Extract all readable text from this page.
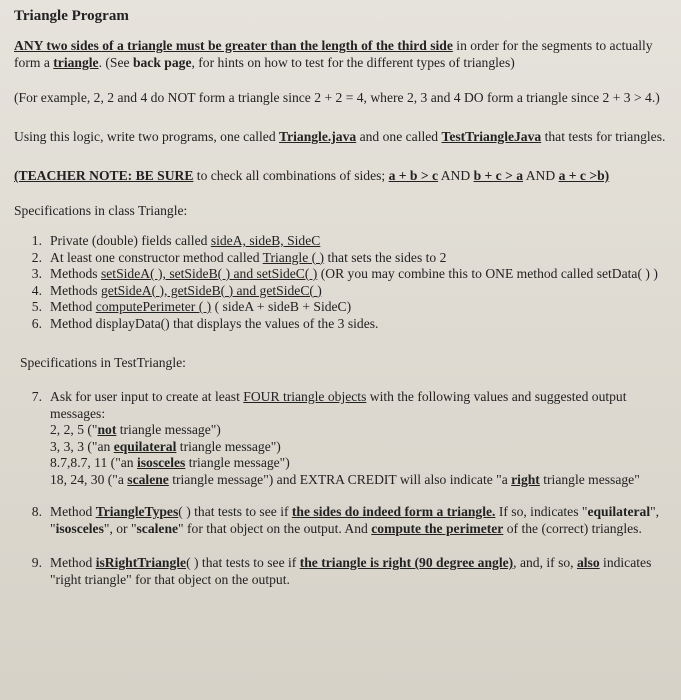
Triangle Program

ANY two sides of a triangle must be greater than the length of the third side in order for the segments to actually form a triangle. (See back page, for hints on how to test for the different types of triangles)

(For example, 2, 2 and 4 do NOT form a triangle since 2 + 2 = 4, where 2, 3 and 4 DO form a triangle since 2 + 3 > 4.)

Using this logic, write two programs, one called Triangle.java and one called TestTriangleJava that tests for triangles.

(TEACHER NOTE: BE SURE to check all combinations of sides; a + b > c AND b + c > a AND a + c >b)

Specifications in class Triangle:

1. Private (double) fields called sideA, sideB, SideC
2. At least one constructor method called Triangle ( ) that sets the sides to 2
3. Methods setSideA( ), setSideB( ) and setSideC( ) (OR you may combine this to ONE method called setData( ) )
4. Methods getSideA( ), getSideB( ) and getSideC( )
5. Method computePerimeter ( ) ( sideA + sideB + SideC)
6. Method displayData() that displays the values of the 3 sides.

Specifications in TestTriangle:

7. Ask for user input to create at least FOUR triangle objects with the following values and suggested output messages:
2, 2, 5 ("not triangle message")
3, 3, 3 ("an equilateral triangle message")
8.7,8.7, 11 ("an isosceles triangle message")
18, 24, 30 ("a scalene triangle message") and EXTRA CREDIT will also indicate "a right triangle message"
8. Method TriangleTypes( ) that tests to see if the sides do indeed form a triangle. If so, indicates "equilateral", "isosceles", or "scalene" for that object on the output. And compute the perimeter of the (correct) triangles.
9. Method isRightTriangle( ) that tests to see if the triangle is right (90 degree angle), and, if so, also indicates "right triangle" for that object on the output.
